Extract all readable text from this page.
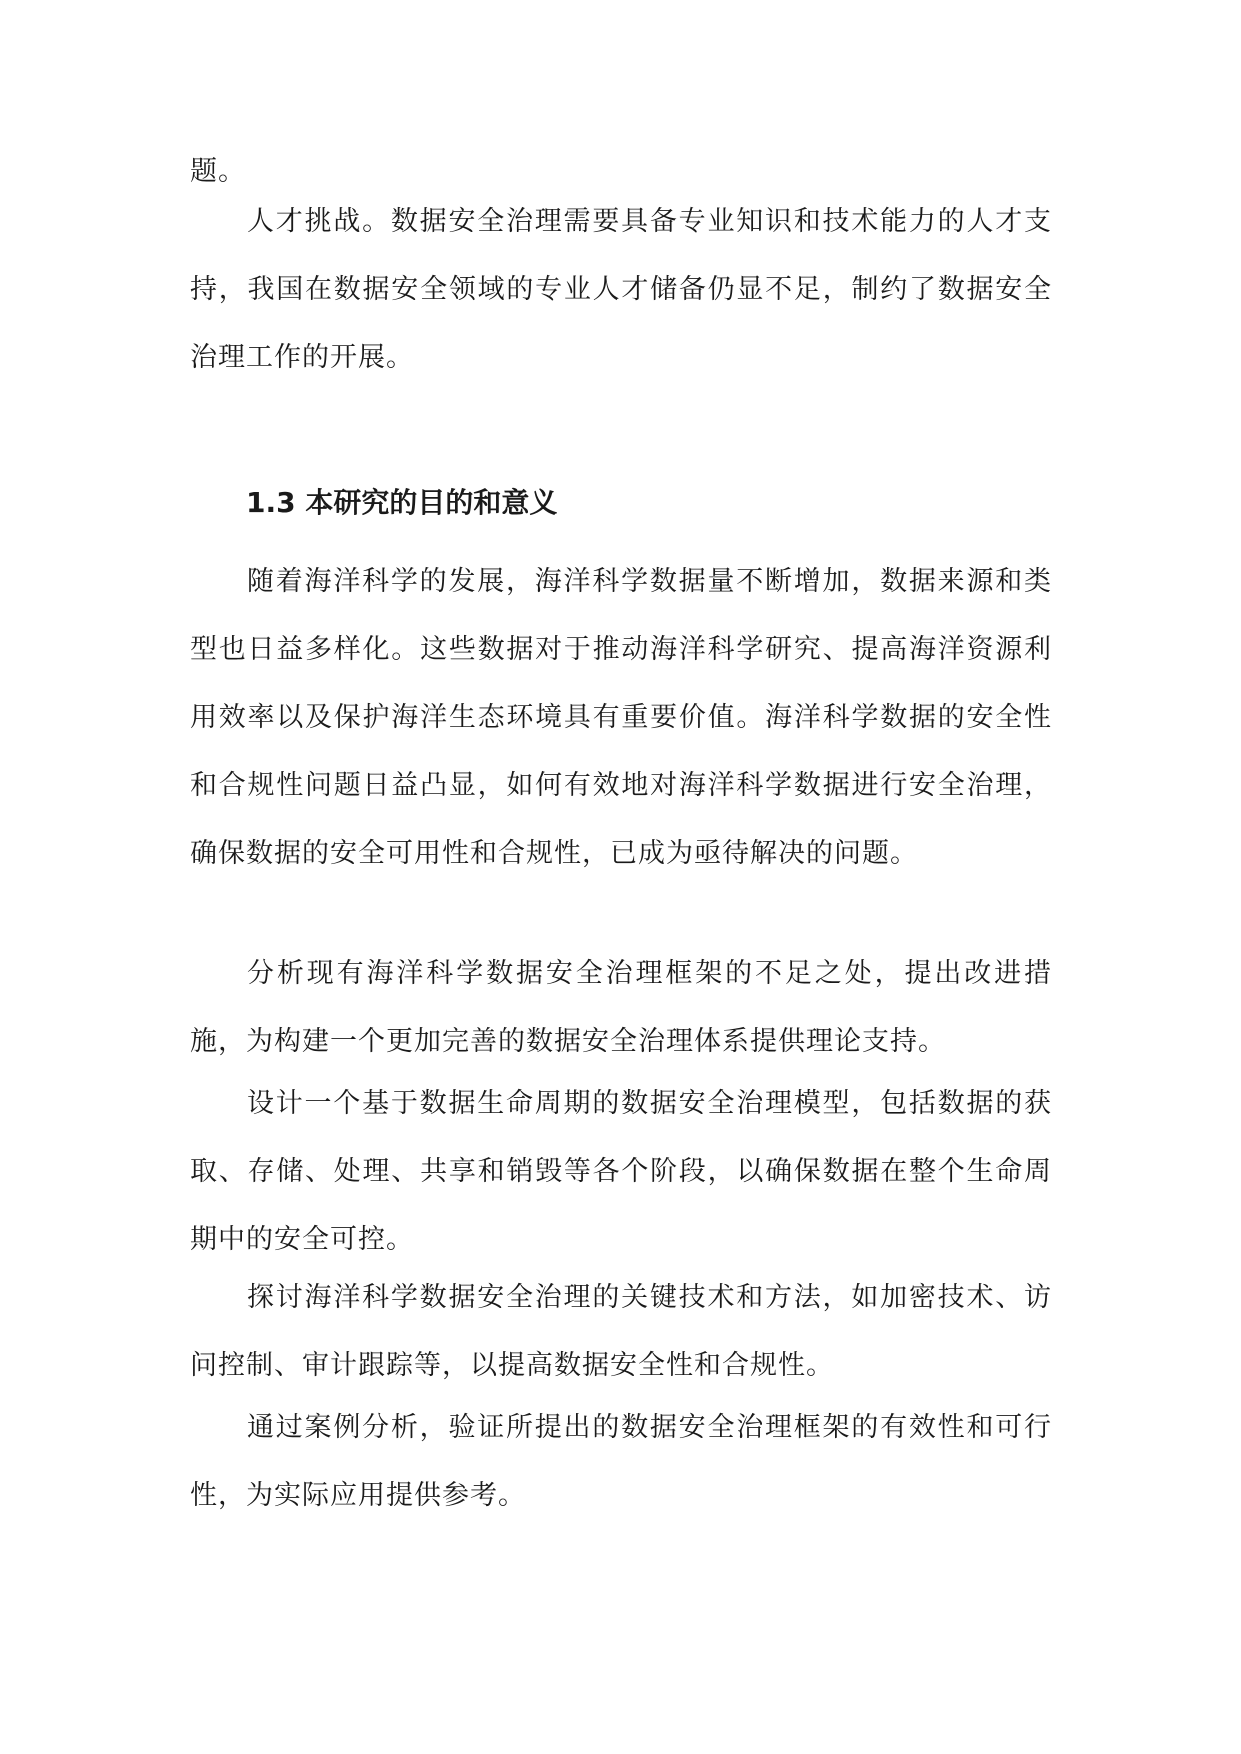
题。

人才挑战。数据安全治理需要具备专业知识和技术能力的人才支持，我国在数据安全领域的专业人才储备仍显不足，制约了数据安全治理工作的开展。

1.3 本研究的目的和意义

随着海洋科学的发展，海洋科学数据量不断增加，数据来源和类型也日益多样化。这些数据对于推动海洋科学研究、提高海洋资源利用效率以及保护海洋生态环境具有重要价值。海洋科学数据的安全性和合规性问题日益凸显，如何有效地对海洋科学数据进行安全治理，确保数据的安全可用性和合规性，已成为亟待解决的问题。

分析现有海洋科学数据安全治理框架的不足之处，提出改进措施，为构建一个更加完善的数据安全治理体系提供理论支持。

设计一个基于数据生命周期的数据安全治理模型，包括数据的获取、存储、处理、共享和销毁等各个阶段，以确保数据在整个生命周期中的安全可控。

探讨海洋科学数据安全治理的关键技术和方法，如加密技术、访问控制、审计跟踪等，以提高数据安全性和合规性。

通过案例分析，验证所提出的数据安全治理框架的有效性和可行性，为实际应用提供参考。
